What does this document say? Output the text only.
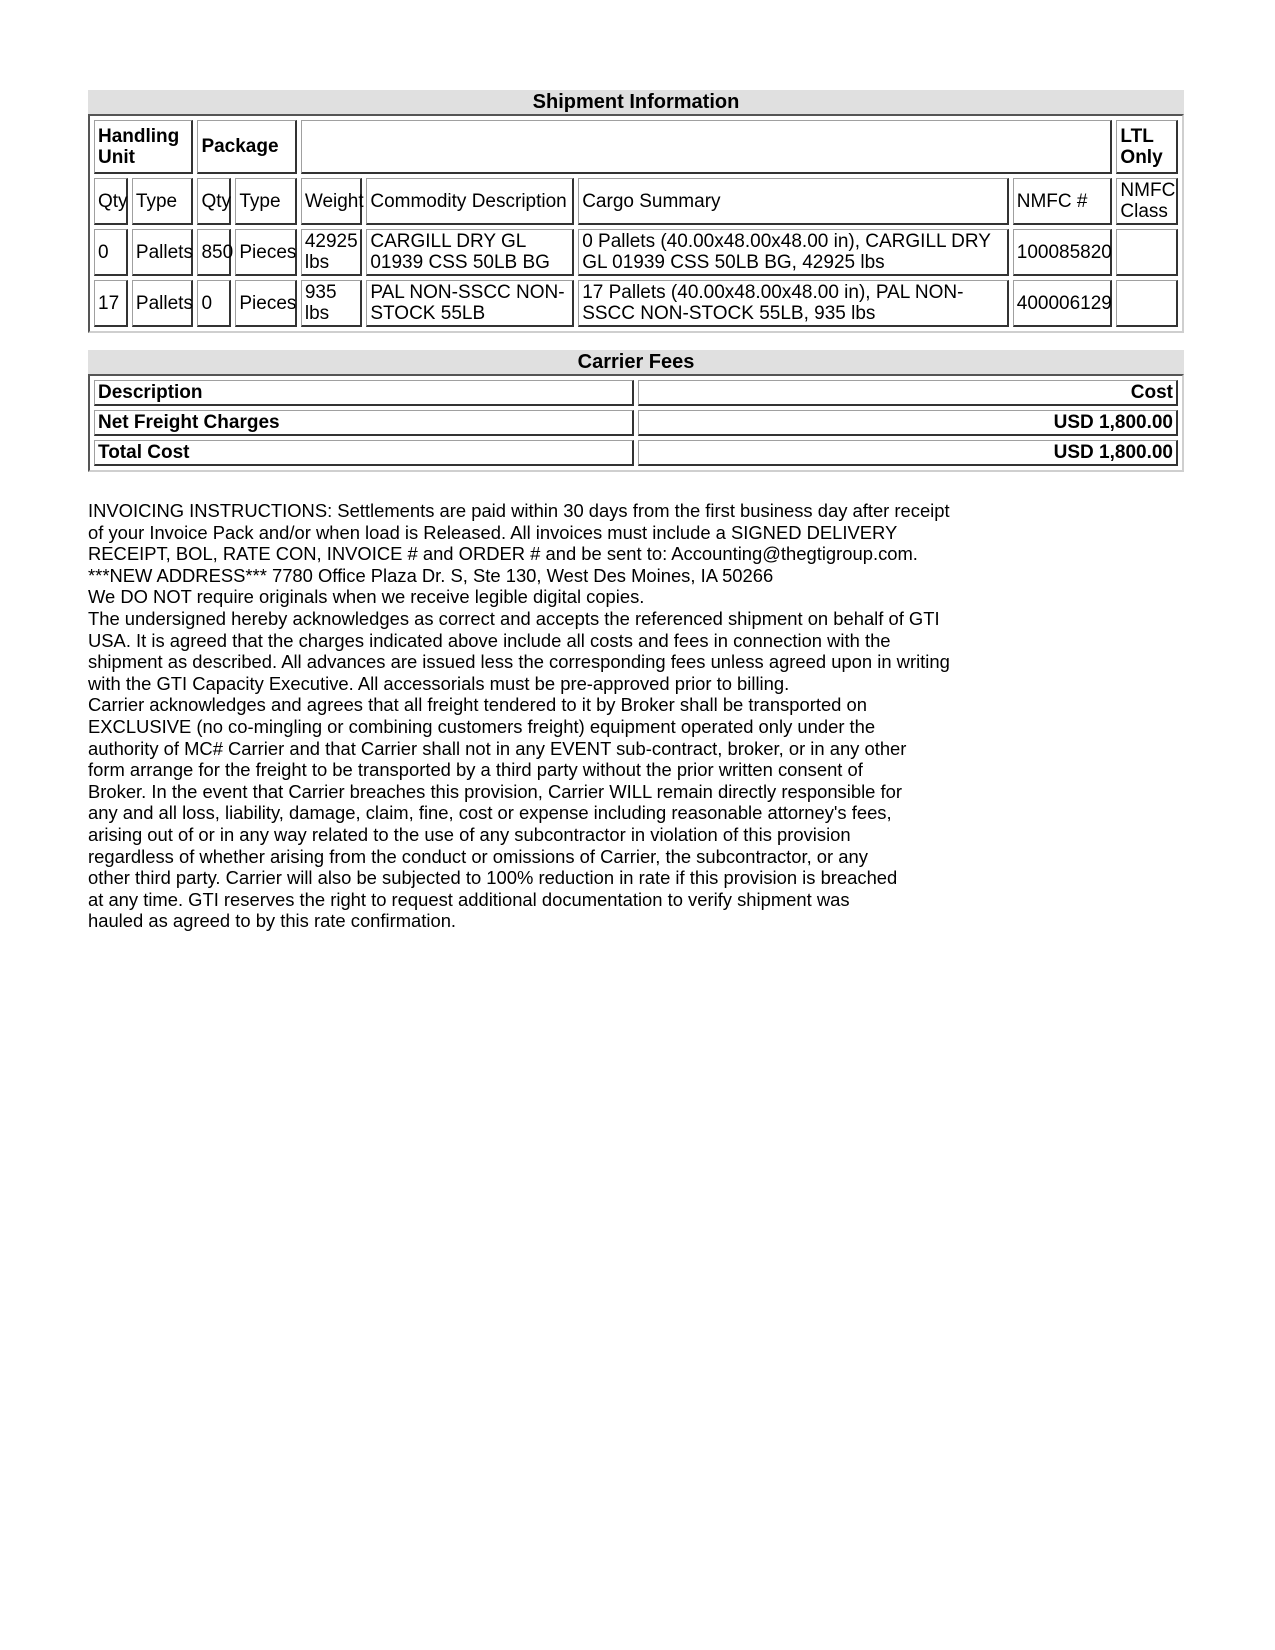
Shipment Information
Handling Unit		Package						LTL Only
Qty	Type	Qty	Type	Weight	Commodity Description	Cargo Summary	NMFC #	NMFC Class
0	Pallets	850	Pieces	42925 lbs	CARGILL DRY GL 01939 CSS 50LB BG	0 Pallets (40.00x48.00x48.00 in), CARGILL DRY GL 01939 CSS 50LB BG, 42925 lbs	100085820	
17	Pallets	0	Pieces	935 lbs	PAL NON-SSCC NON-STOCK 55LB	17 Pallets (40.00x48.00x48.00 in), PAL NON-SSCC NON-STOCK 55LB, 935 lbs	400006129	
Carrier Fees
Description	Cost
Net Freight Charges	USD 1,800.00
Total Cost	USD 1,800.00
INVOICING INSTRUCTIONS: Settlements are paid within 30 days from the first business day after receipt
of your Invoice Pack and/or when load is Released. All invoices must include a SIGNED DELIVERY
RECEIPT, BOL, RATE CON, INVOICE # and ORDER # and be sent to: Accounting@thegtigroup.com.
***NEW ADDRESS*** 7780 Office Plaza Dr. S, Ste 130, West Des Moines, IA 50266
We DO NOT require originals when we receive legible digital copies.
The undersigned hereby acknowledges as correct and accepts the referenced shipment on behalf of GTI
USA. It is agreed that the charges indicated above include all costs and fees in connection with the
shipment as described. All advances are issued less the corresponding fees unless agreed upon in writing
with the GTI Capacity Executive. All accessorials must be pre-approved prior to billing.
Carrier acknowledges and agrees that all freight tendered to it by Broker shall be transported on
EXCLUSIVE (no co-mingling or combining customers freight) equipment operated only under the
authority of MC# Carrier and that Carrier shall not in any EVENT sub-contract, broker, or in any other
form arrange for the freight to be transported by a third party without the prior written consent of
Broker. In the event that Carrier breaches this provision, Carrier WILL remain directly responsible for
any and all loss, liability, damage, claim, fine, cost or expense including reasonable attorney's fees,
arising out of or in any way related to the use of any subcontractor in violation of this provision
regardless of whether arising from the conduct or omissions of Carrier, the subcontractor, or any
other third party. Carrier will also be subjected to 100% reduction in rate if this provision is breached
at any time. GTI reserves the right to request additional documentation to verify shipment was
hauled as agreed to by this rate confirmation.
